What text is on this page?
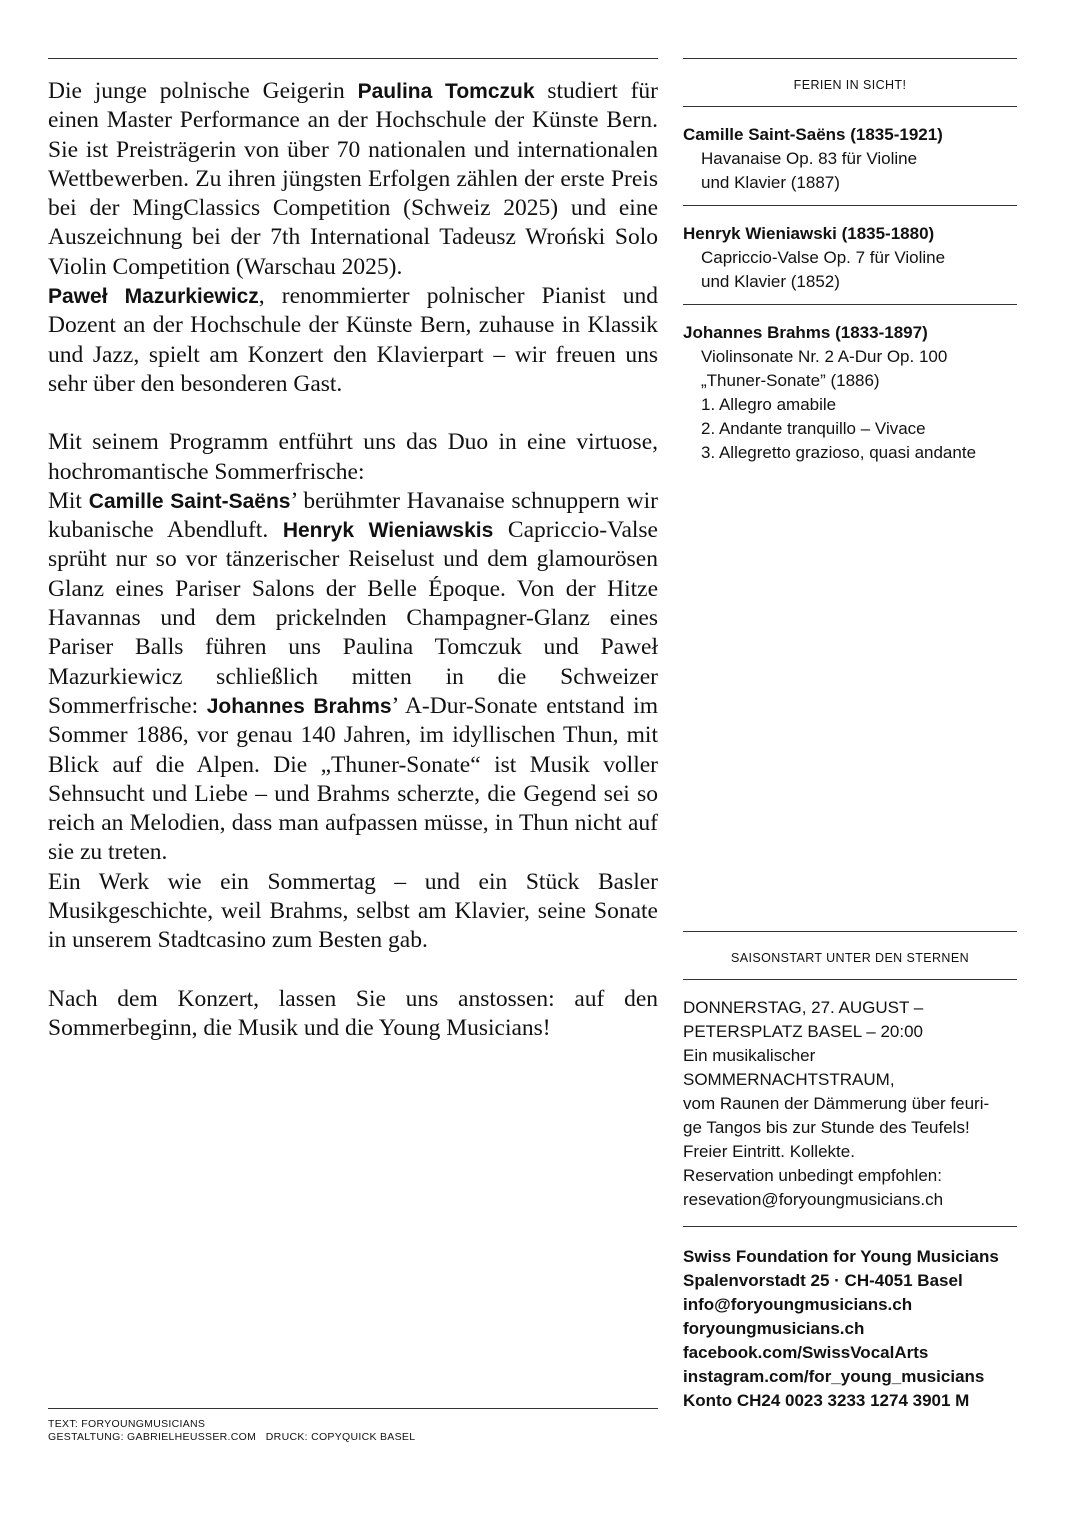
Die junge polnische Geigerin Paulina Tomczuk studiert für einen Master Performance an der Hochschule der Künste Bern. Sie ist Preisträgerin von über 70 nationalen und internationalen Wettbewerben. Zu ihren jüngsten Erfolgen zählen der erste Preis bei der MingClassics Competition (Schweiz 2025) und eine Auszeichnung bei der 7th International Tadeusz Wroński Solo Violin Competition (Warschau 2025).

Paweł Mazurkiewicz, renommierter polnischer Pianist und Dozent an der Hochschule der Künste Bern, zuhause in Klassik und Jazz, spielt am Konzert den Klavierpart – wir freuen uns sehr über den besonderen Gast.

Mit seinem Programm entführt uns das Duo in eine virtuose, hochromantische Sommerfrische:

Mit Camille Saint-Saëns’ berühmter Havanaise schnuppern wir kubanische Abendluft. Henryk Wieniawskis Capriccio-Valse sprüht nur so vor tänzerischer Reiselust und dem glamourösen Glanz eines Pariser Salons der Belle Époque. Von der Hitze Havannas und dem prickelnden Champagner-Glanz eines Pariser Balls führen uns Paulina Tomczuk und Paweł Mazurkiewicz schließlich mitten in die Schweizer Sommerfrische: Johannes Brahms’ A-Dur-Sonate entstand im Sommer 1886, vor genau 140 Jahren, im idyllischen Thun, mit Blick auf die Alpen. Die „Thuner-Sonate“ ist Musik voller Sehnsucht und Liebe – und Brahms scherzte, die Gegend sei so reich an Melodien, dass man aufpassen müsse, in Thun nicht auf sie zu treten.

Ein Werk wie ein Sommertag – und ein Stück Basler Musikgeschichte, weil Brahms, selbst am Klavier, seine Sonate in unserem Stadtcasino zum Besten gab.

Nach dem Konzert, lassen Sie uns anstossen: auf den Sommerbeginn, die Musik und die Young Musicians!

TEXT: FORYOUNGMUSICIANS
GESTALTUNG: GABRIELHEUSSER.COM   DRUCK: COPYQUICK BASEL
FERIEN IN SICHT!
Camille Saint-Saëns (1835-1921)
Havanaise Op. 83 für Violine
und Klavier (1887)
Henryk Wieniawski (1835-1880)
Capriccio-Valse Op. 7 für Violine
und Klavier (1852)
Johannes Brahms (1833-1897)
Violinsonate Nr. 2 A-Dur Op. 100
„Thuner-Sonate” (1886)
1. Allegro amabile
2. Andante tranquillo – Vivace
3. Allegretto grazioso, quasi andante
SAISONSTART UNTER DEN STERNEN
DONNERSTAG, 27. AUGUST –
PETERSPLATZ BASEL – 20:00
Ein musikalischer
SOMMERNACHTSTRAUM,
vom Raunen der Dämmerung über feuri-
ge Tangos bis zur Stunde des Teufels!
Freier Eintritt. Kollekte.
Reservation unbedingt empfohlen:
resevation@foryoungmusicians.ch
Swiss Foundation for Young Musicians
Spalenvorstadt 25 · CH-4051 Basel
info@foryoungmusicians.ch
foryoungmusicians.ch
facebook.com/SwissVocalArts
instagram.com/for_young_musicians
Konto CH24 0023 3233 1274 3901 M
